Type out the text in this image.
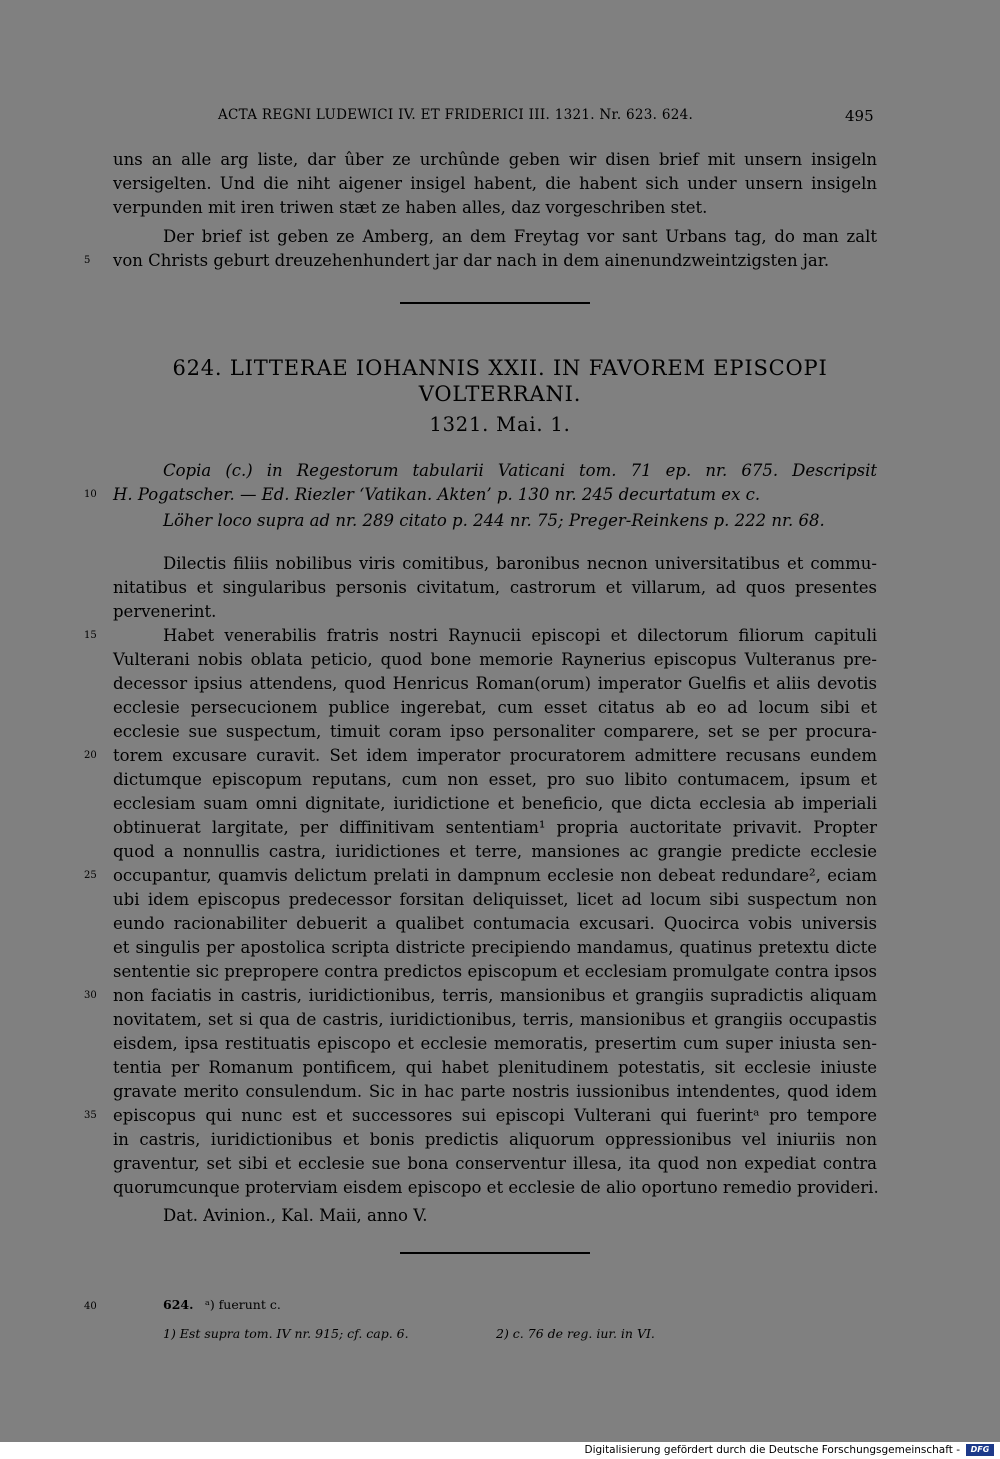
ACTA REGNI LUDEWICI IV. ET FRIDERICI III. 1321. Nr. 623. 624.	495
uns an alle arg liste, dar ûber ze urchûnde geben wir disen brief mit unsern insigeln
versigelten. Und die niht aigener insigel habent, die habent sich under unsern insigeln
verpunden mit iren triwen stæt ze haben alles, daz vorgeschriben stet.
Der brief ist geben ze Amberg, an dem Freytag vor sant Urbans tag, do man zalt
von Christs geburt dreuzehenhundert jar dar nach in dem ainenundzweintzigsten jar.
624. LITTERAE IOHANNIS XXII. IN FAVOREM EPISCOPI
VOLTERRANI.
1321. Mai. 1.
Copia (c.) in Regestorum tabularii Vaticani tom. 71 ep. nr. 675. Descripsit
H. Pogatscher. — Ed. Riezler ‘Vatikan. Akten’ p. 130 nr. 245 decurtatum ex c.
Löher loco supra ad nr. 289 citato p. 244 nr. 75; Preger-Reinkens p. 222 nr. 68.
Dilectis filiis nobilibus viris comitibus, baronibus necnon universitatibus et commu-
nitatibus et singularibus personis civitatum, castrorum et villarum, ad quos presentes
pervenerint.
Habet venerabilis fratris nostri Raynucii episcopi et dilectorum filiorum capituli
Vulterani nobis oblata peticio, quod bone memorie Raynerius episcopus Vulteranus pre-
decessor ipsius attendens, quod Henricus Roman(orum) imperator Guelfis et aliis devotis
ecclesie persecucionem publice ingerebat, cum esset citatus ab eo ad locum sibi et
ecclesie sue suspectum, timuit coram ipso personaliter comparere, set se per procura-
torem excusare curavit. Set idem imperator procuratorem admittere recusans eundem
dictumque episcopum reputans, cum non esset, pro suo libito contumacem, ipsum et
ecclesiam suam omni dignitate, iuridictione et beneficio, que dicta ecclesia ab imperiali
obtinuerat largitate, per diffinitivam sententiam¹ propria auctoritate privavit. Propter
quod a nonnullis castra, iuridictiones et terre, mansiones ac grangie predicte ecclesie
occupantur, quamvis delictum prelati in dampnum ecclesie non debeat redundare², eciam
ubi idem episcopus predecessor forsitan deliquisset, licet ad locum sibi suspectum non
eundo racionabiliter debuerit a qualibet contumacia excusari. Quocirca vobis universis
et singulis per apostolica scripta districte precipiendo mandamus, quatinus pretextu dicte
sententie sic prepropere contra predictos episcopum et ecclesiam promulgate contra ipsos
non faciatis in castris, iuridictionibus, terris, mansionibus et grangiis supradictis aliquam
novitatem, set si qua de castris, iuridictionibus, terris, mansionibus et grangiis occupastis
eisdem, ipsa restituatis episcopo et ecclesie memoratis, presertim cum super iniusta sen-
tentia per Romanum pontificem, qui habet plenitudinem potestatis, sit ecclesie iniuste
gravate merito consulendum. Sic in hac parte nostris iussionibus intendentes, quod idem
episcopus qui nunc est et successores sui episcopi Vulterani qui fuerintᵃ pro tempore
in castris, iuridictionibus et bonis predictis aliquorum oppressionibus vel iniuriis non
graventur, set sibi et ecclesie sue bona conserventur illesa, ita quod non expediat contra
quorumcunque proterviam eisdem episcopo et ecclesie de alio oportuno remedio provideri.
Dat. Avinion., Kal. Maii, anno V.
624. ᵃ) fuerunt c.
1) Est supra tom. IV nr. 915; cf. cap. 6.	2) c. 76 de reg. iur. in VI.
5
10
15
20
25
30
35
40
Digitalisierung gefördert durch die Deutsche Forschungsgemeinschaft -	DFG
